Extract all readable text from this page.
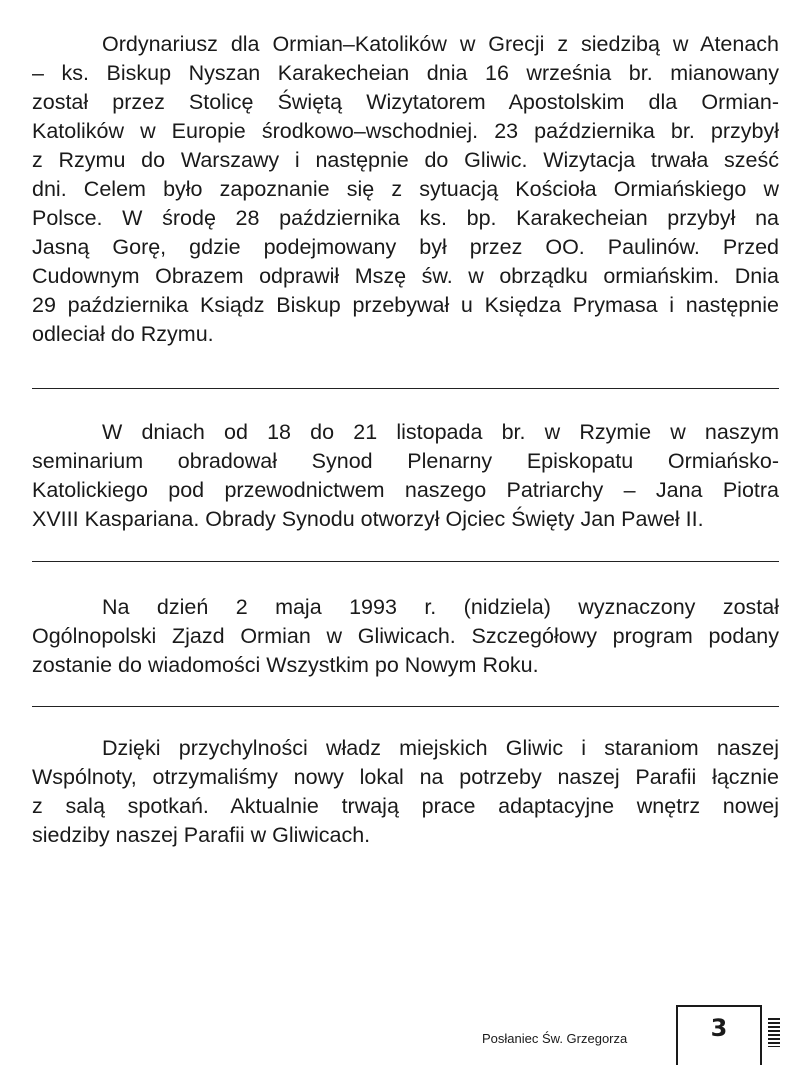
Ordynariusz dla Ormian–Katolików w Grecji z siedzibą w Atenach
– ks. Biskup Nyszan Karakecheian dnia 16 września br. mianowany
został przez Stolicę Świętą Wizytatorem Apostolskim dla Ormian-
Katolików w Europie środkowo–wschodniej. 23 października br. przybył
z Rzymu do Warszawy i następnie do Gliwic. Wizytacja trwała sześć
dni. Celem było zapoznanie się z sytuacją Kościoła Ormiańskiego w
Polsce. W środę 28 października ks. bp. Karakecheian przybył na
Jasną Gorę, gdzie podejmowany był przez OO. Paulinów. Przed
Cudownym Obrazem odprawił Mszę św. w obrządku ormiańskim. Dnia
29 października Ksiądz Biskup przebywał u Księdza Prymasa i następnie
odleciał do Rzymu.
W dniach od 18 do 21 listopada br. w Rzymie w naszym
seminarium obradował Synod Plenarny Episkopatu Ormiańsko-
Katolickiego pod przewodnictwem naszego Patriarchy – Jana Piotra
XVIII Kaspariana. Obrady Synodu otworzył Ojciec Święty Jan Paweł II.
Na dzień 2 maja 1993 r. (nidziela) wyznaczony został
Ogólnopolski Zjazd Ormian w Gliwicach. Szczegółowy program podany
zostanie do wiadomości Wszystkim po Nowym Roku.
Dzięki przychylności władz miejskich Gliwic i staraniom naszej
Wspólnoty, otrzymaliśmy nowy lokal na potrzeby naszej Parafii łącznie
z salą spotkań. Aktualnie trwają prace adaptacyjne wnętrz nowej
siedziby naszej Parafii w Gliwicach.
Posłaniec Św. Grzegorza	3
